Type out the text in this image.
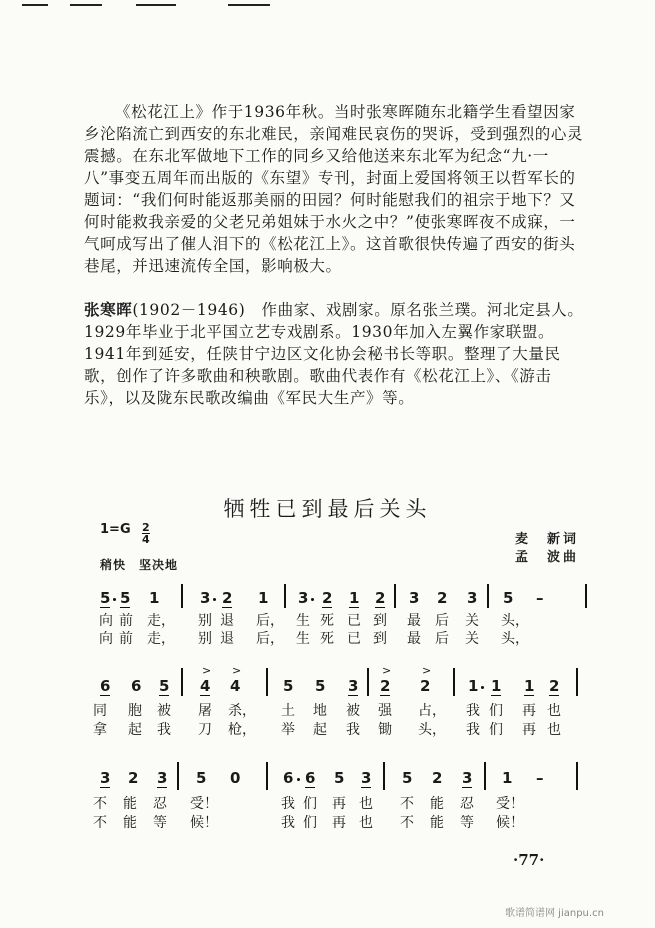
《松花江上》作于1936年秋。当时张寒晖随东北籍学生看望因家乡沦陷流亡到西安的东北难民，亲闻难民哀伤的哭诉，受到强烈的心灵震撼。在东北军做地下工作的同乡又给他送来东北军为纪念“九·一八”事变五周年而出版的《东望》专刊，封面上爱国将领王以哲军长的题词：“我们何时能返那美丽的田园？何时能慰我们的祖宗于地下？又何时能救我亲爱的父老兄弟姐妹于水火之中？”使张寒晖夜不成寐，一气呵成写出了催人泪下的《松花江上》。这首歌很快传遍了西安的街头巷尾，并迅速流传全国，影响极大。

张寒晖(1902－1946)　作曲家、戏剧家。原名张兰璞。河北定县人。1929年毕业于北平国立艺专戏剧系。1930年加入左翼作家联盟。1941年到延安，任陕甘宁边区文化协会秘书长等职。整理了大量民歌，创作了许多歌曲和秧歌剧。歌曲代表作有《松花江上》、《游击乐》，以及陇东民歌改编曲《军民大生产》等。

牺牲已到最后关头
$1=G \frac{2}{4}$
稍快　坚决地
麦　新词
孟　波曲
5 5 1	3 2 1 3 2 1 2 3 2 3 5 –
向 前 走， 别 退 后， 生 死 已 到 最 后 关 头，
向 前 走， 别 退 后， 生 死 已 到 最 后 关 头，
> >	>	>
6 6 5 4 4	5 5 3 2 2	1 1 1 2
同 胞 被 屠 杀， 土 地 被 强 占， 我 们 再 也
拿 起 我 刀 枪， 举 起 我 锄 头， 我 们 再 也
3 2 3 5 0	6 6 5 3 5 2 3 1 –
不 能 忍 受！	我 们 再 也 不 能 忍 受！
不 能 等 候！	我 们 再 也 不 能 等 候！
·77·
歌谱简谱网 jianpu.cn
